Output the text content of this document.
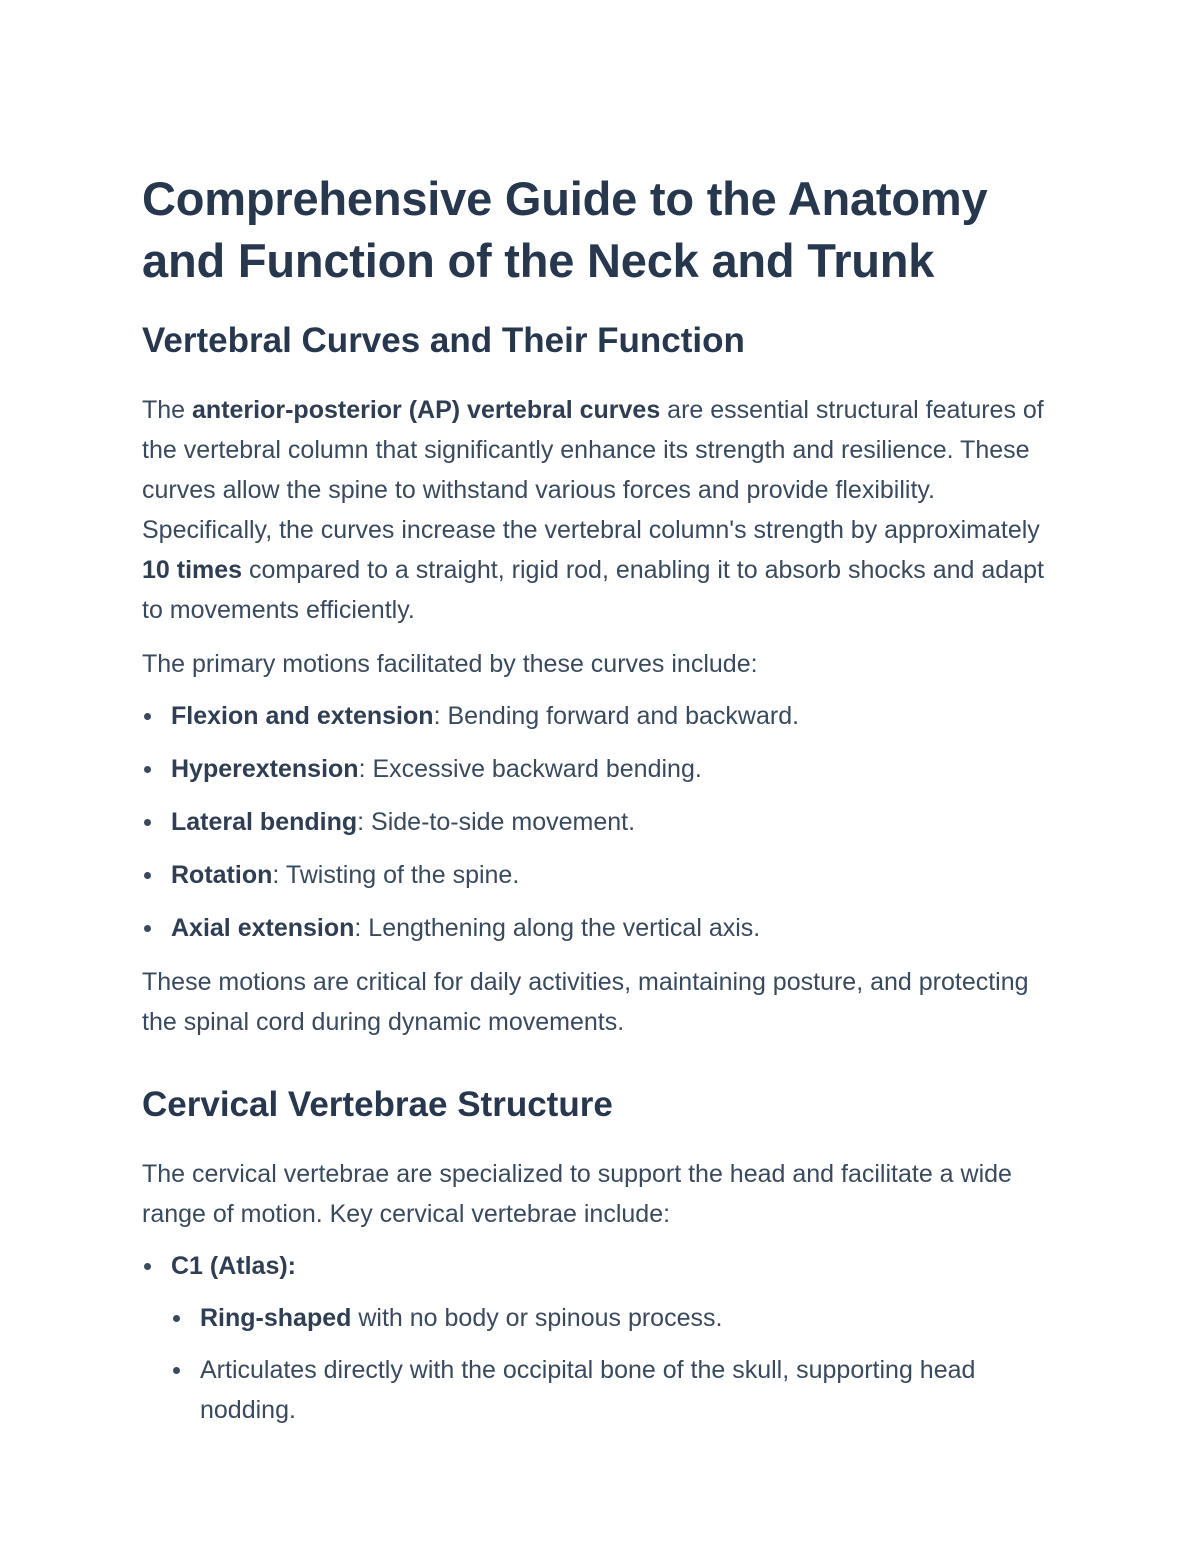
Comprehensive Guide to the Anatomy and Function of the Neck and Trunk
Vertebral Curves and Their Function

The anterior-posterior (AP) vertebral curves are essential structural features of the vertebral column that significantly enhance its strength and resilience. These curves allow the spine to withstand various forces and provide flexibility. Specifically, the curves increase the vertebral column's strength by approximately 10 times compared to a straight, rigid rod, enabling it to absorb shocks and adapt to movements efficiently.

The primary motions facilitated by these curves include:

Flexion and extension: Bending forward and backward.
Hyperextension: Excessive backward bending.
Lateral bending: Side-to-side movement.
Rotation: Twisting of the spine.
Axial extension: Lengthening along the vertical axis.

These motions are critical for daily activities, maintaining posture, and protecting the spinal cord during dynamic movements.

Cervical Vertebrae Structure

The cervical vertebrae are specialized to support the head and facilitate a wide range of motion. Key cervical vertebrae include:

C1 (Atlas):
Ring-shaped with no body or spinous process.
Articulates directly with the occipital bone of the skull, supporting head nodding.
